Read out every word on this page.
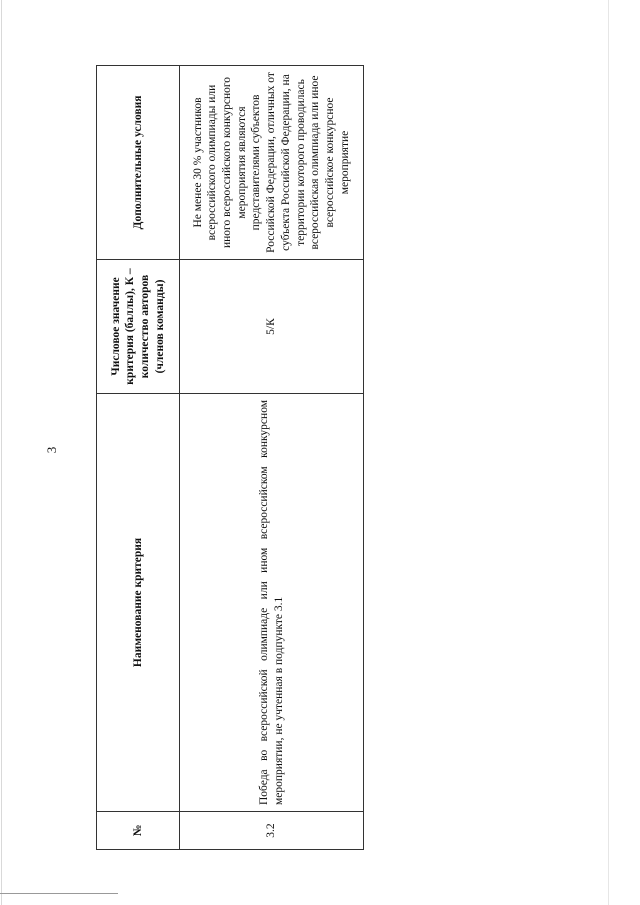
3
№	Наименование критерия	Числовое значение критерия (баллы), К – количество авторов (членов команды)	Дополнительные условия
3.2	Победа во всероссийской олимпиаде или ином всероссийском конкурсном мероприятии, не учтенная в подпункте 3.1	5/К	Не менее 30 % участников всероссийского олимпиады или иного всероссийского конкурсного мероприятия являются представителями субъектов Российской Федерации, отличных от субъекта Российской Федерации, на территории которого проводилась всероссийская олимпиада или иное всероссийское конкурсное мероприятие
